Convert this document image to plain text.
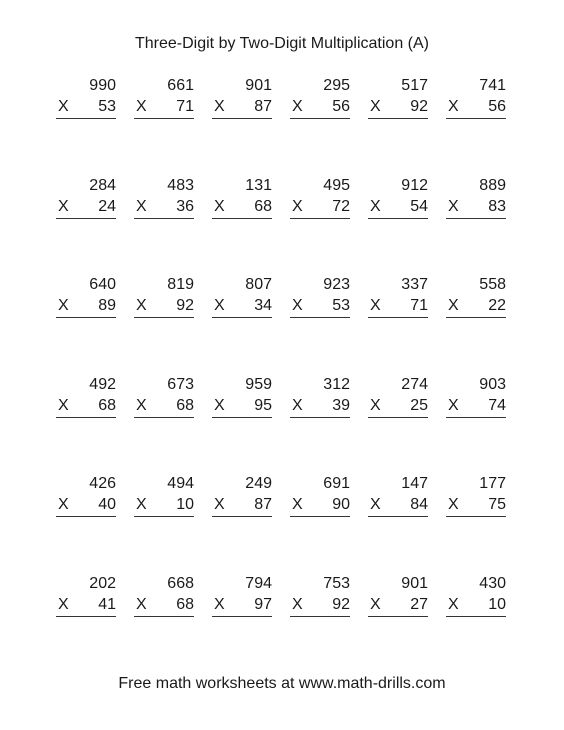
Three-Digit by Two-Digit Multiplication (A)
990
X 53
661
X 71
901
X 87
295
X 56
517
X 92
741
X 56
284
X 24
483
X 36
131
X 68
495
X 72
912
X 54
889
X 83
640
X 89
819
X 92
807
X 34
923
X 53
337
X 71
558
X 22
492
X 68
673
X 68
959
X 95
312
X 39
274
X 25
903
X 74
426
X 40
494
X 10
249
X 87
691
X 90
147
X 84
177
X 75
202
X 41
668
X 68
794
X 97
753
X 92
901
X 27
430
X 10
Free math worksheets at www.math-drills.com
